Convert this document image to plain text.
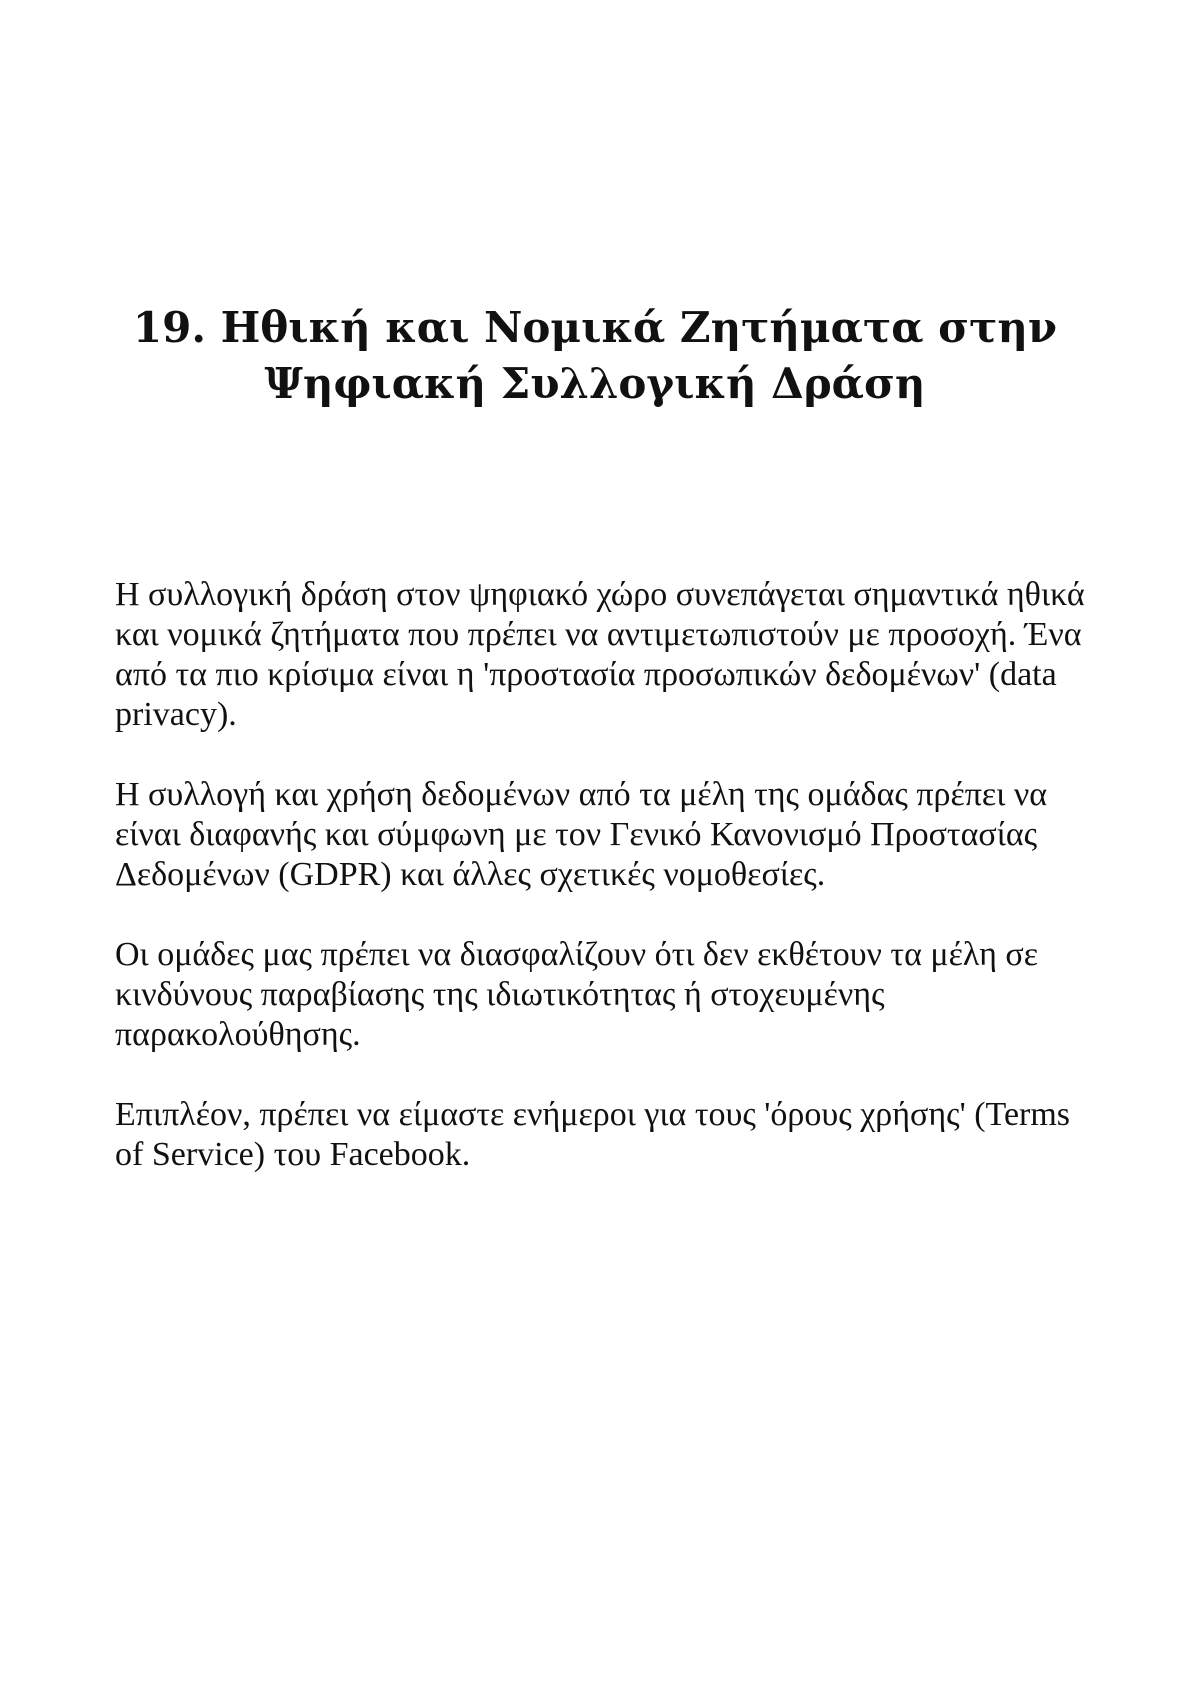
19. Ηθική και Νομικά Ζητήματα στην Ψηφιακή Συλλογική Δράση

Η συλλογική δράση στον ψηφιακό χώρο συνεπάγεται σημαντικά ηθικά και νομικά ζητήματα που πρέπει να αντιμετωπιστούν με προσοχή. Ένα από τα πιο κρίσιμα είναι η 'προστασία προσωπικών δεδομένων' (data privacy).

Η συλλογή και χρήση δεδομένων από τα μέλη της ομάδας πρέπει να είναι διαφανής και σύμφωνη με τον Γενικό Κανονισμό Προστασίας Δεδομένων (GDPR) και άλλες σχετικές νομοθεσίες.

Οι ομάδες μας πρέπει να διασφαλίζουν ότι δεν εκθέτουν τα μέλη σε κινδύνους παραβίασης της ιδιωτικότητας ή στοχευμένης παρακολούθησης.

Επιπλέον, πρέπει να είμαστε ενήμεροι για τους 'όρους χρήσης' (Terms of Service) του Facebook.
